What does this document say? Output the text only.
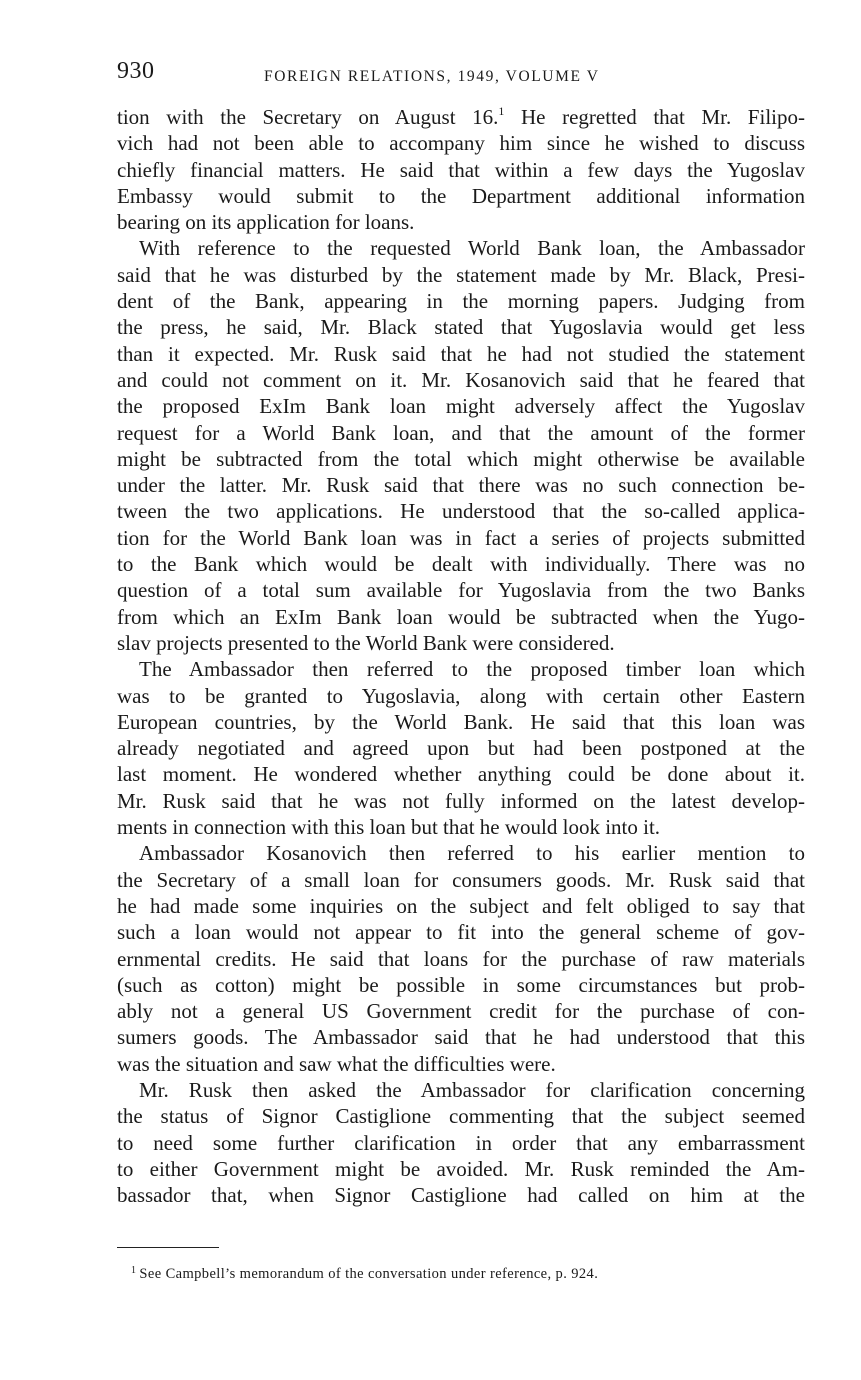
930	FOREIGN RELATIONS, 1949, VOLUME V
tion with the Secretary on August 16.$^1$ He regretted that Mr. Filipo-
vich had not been able to accompany him since he wished to discuss
chiefly financial matters. He said that within a few days the Yugoslav
Embassy would submit to the Department additional information
bearing on its application for loans.
With reference to the requested World Bank loan, the Ambassador
said that he was disturbed by the statement made by Mr. Black, Presi-
dent of the Bank, appearing in the morning papers. Judging from
the press, he said, Mr. Black stated that Yugoslavia would get less
than it expected. Mr. Rusk said that he had not studied the statement
and could not comment on it. Mr. Kosanovich said that he feared that
the proposed ExIm Bank loan might adversely affect the Yugoslav
request for a World Bank loan, and that the amount of the former
might be subtracted from the total which might otherwise be available
under the latter. Mr. Rusk said that there was no such connection be-
tween the two applications. He understood that the so-called applica-
tion for the World Bank loan was in fact a series of projects submitted
to the Bank which would be dealt with individually. There was no
question of a total sum available for Yugoslavia from the two Banks
from which an ExIm Bank loan would be subtracted when the Yugo-
slav projects presented to the World Bank were considered.
The Ambassador then referred to the proposed timber loan which
was to be granted to Yugoslavia, along with certain other Eastern
European countries, by the World Bank. He said that this loan was
already negotiated and agreed upon but had been postponed at the
last moment. He wondered whether anything could be done about it.
Mr. Rusk said that he was not fully informed on the latest develop-
ments in connection with this loan but that he would look into it.
Ambassador Kosanovich then referred to his earlier mention to
the Secretary of a small loan for consumers goods. Mr. Rusk said that
he had made some inquiries on the subject and felt obliged to say that
such a loan would not appear to fit into the general scheme of gov-
ernmental credits. He said that loans for the purchase of raw materials
(such as cotton) might be possible in some circumstances but prob-
ably not a general US Government credit for the purchase of con-
sumers goods. The Ambassador said that he had understood that this
was the situation and saw what the difficulties were.
Mr. Rusk then asked the Ambassador for clarification concerning
the status of Signor Castiglione commenting that the subject seemed
to need some further clarification in order that any embarrassment
to either Government might be avoided. Mr. Rusk reminded the Am-
bassador that, when Signor Castiglione had called on him at the
$^1$ See Campbell’s memorandum of the conversation under reference, p. 924.
